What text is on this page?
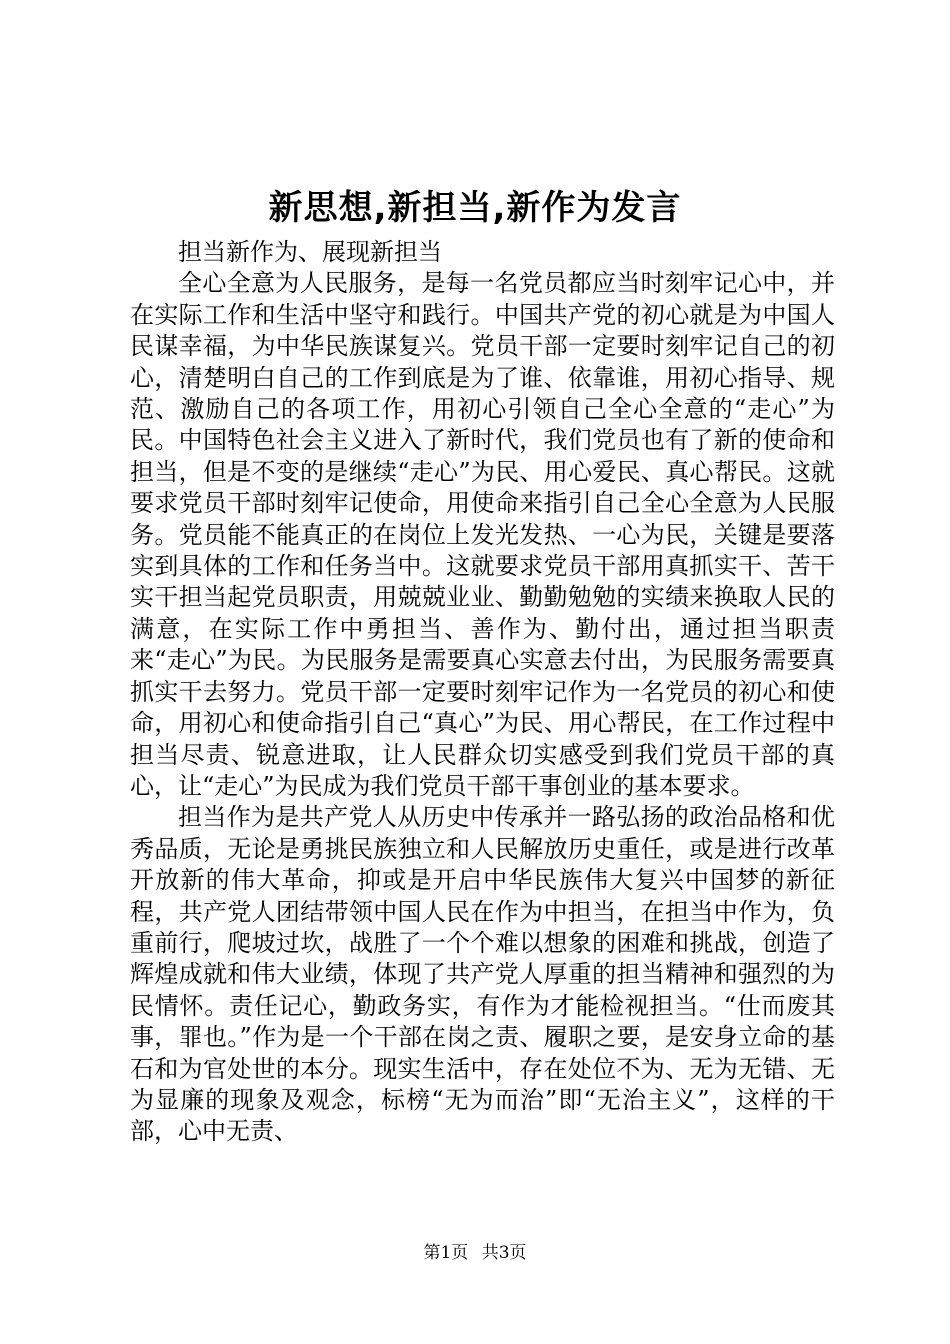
新思想,新担当,新作为发言

担当新作为、展现新担当

全心全意为人民服务，是每一名党员都应当时刻牢记心中，并在实际工作和生活中坚守和践行。中国共产党的初心就是为中国人民谋幸福，为中华民族谋复兴。党员干部一定要时刻牢记自己的初心，清楚明白自己的工作到底是为了谁、依靠谁，用初心指导、规范、激励自己的各项工作，用初心引领自己全心全意的“走心”为民。中国特色社会主义进入了新时代，我们党员也有了新的使命和担当，但是不变的是继续“走心”为民、用心爱民、真心帮民。这就要求党员干部时刻牢记使命，用使命来指引自己全心全意为人民服务。党员能不能真正的在岗位上发光发热、一心为民，关键是要落实到具体的工作和任务当中。这就要求党员干部用真抓实干、苦干实干担当起党员职责，用兢兢业业、勤勤勉勉的实绩来换取人民的满意，在实际工作中勇担当、善作为、勤付出，通过担当职责来“走心”为民。为民服务是需要真心实意去付出，为民服务需要真抓实干去努力。党员干部一定要时刻牢记作为一名党员的初心和使命，用初心和使命指引自己“真心”为民、用心帮民，在工作过程中担当尽责、锐意进取，让人民群众切实感受到我们党员干部的真心，让“走心”为民成为我们党员干部干事创业的基本要求。

担当作为是共产党人从历史中传承并一路弘扬的政治品格和优秀品质，无论是勇挑民族独立和人民解放历史重任，或是进行改革开放新的伟大革命，抑或是开启中华民族伟大复兴中国梦的新征程，共产党人团结带领中国人民在作为中担当，在担当中作为，负重前行，爬坡过坎，战胜了一个个难以想象的困难和挑战，创造了辉煌成就和伟大业绩，体现了共产党人厚重的担当精神和强烈的为民情怀。责任记心，勤政务实，有作为才能检视担当。“仕而废其事，罪也。”作为是一个干部在岗之责、履职之要，是安身立命的基石和为官处世的本分。现实生活中，存在处位不为、无为无错、无为显廉的现象及观念，标榜“无为而治”即“无治主义”，这样的干部，心中无责、

第1页 共3页
